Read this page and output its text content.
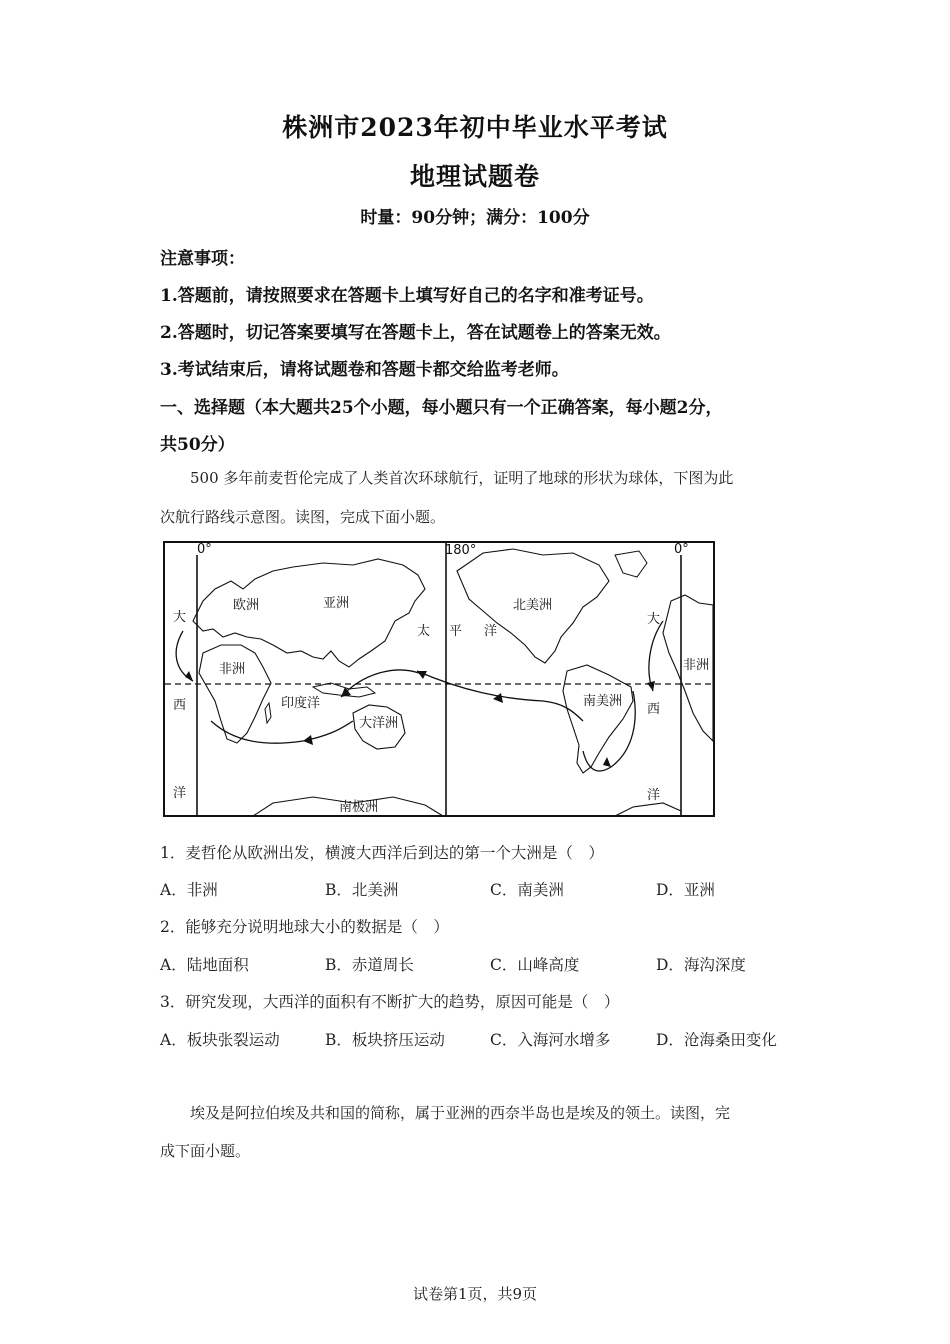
株洲市2023年初中毕业水平考试
地理试题卷
时量：90分钟；满分：100分
注意事项：
1.答题前，请按照要求在答题卡上填写好自己的名字和准考证号。
2.答题时，切记答案要填写在答题卡上，答在试题卷上的答案无效。
3.考试结束后，请将试题卷和答题卡都交给监考老师。
一、选择题（本大题共25个小题，每小题只有一个正确答案，每小题2分，
共50分）
500 多年前麦哲伦完成了人类首次环球航行，证明了地球的形状为球体，下图为此
次航行路线示意图。读图，完成下面小题。
0°	180°	0°
欧洲	亚洲	北美洲
非洲	非洲
南美洲
大洋洲
南极洲
印度洋
太 平 洋
大
西
洋
大
西
洋
1．麦哲伦从欧洲出发，横渡大西洋后到达的第一个大洲是（　）
A．非洲	B．北美洲	C．南美洲	D．亚洲
2．能够充分说明地球大小的数据是（　）
A．陆地面积	B．赤道周长	C．山峰高度	D．海沟深度
3．研究发现，大西洋的面积有不断扩大的趋势，原因可能是（　）
A．板块张裂运动	B．板块挤压运动	C．入海河水增多	D．沧海桑田变化
埃及是阿拉伯埃及共和国的简称，属于亚洲的西奈半岛也是埃及的领土。读图，完
成下面小题。
试卷第1页，共9页
